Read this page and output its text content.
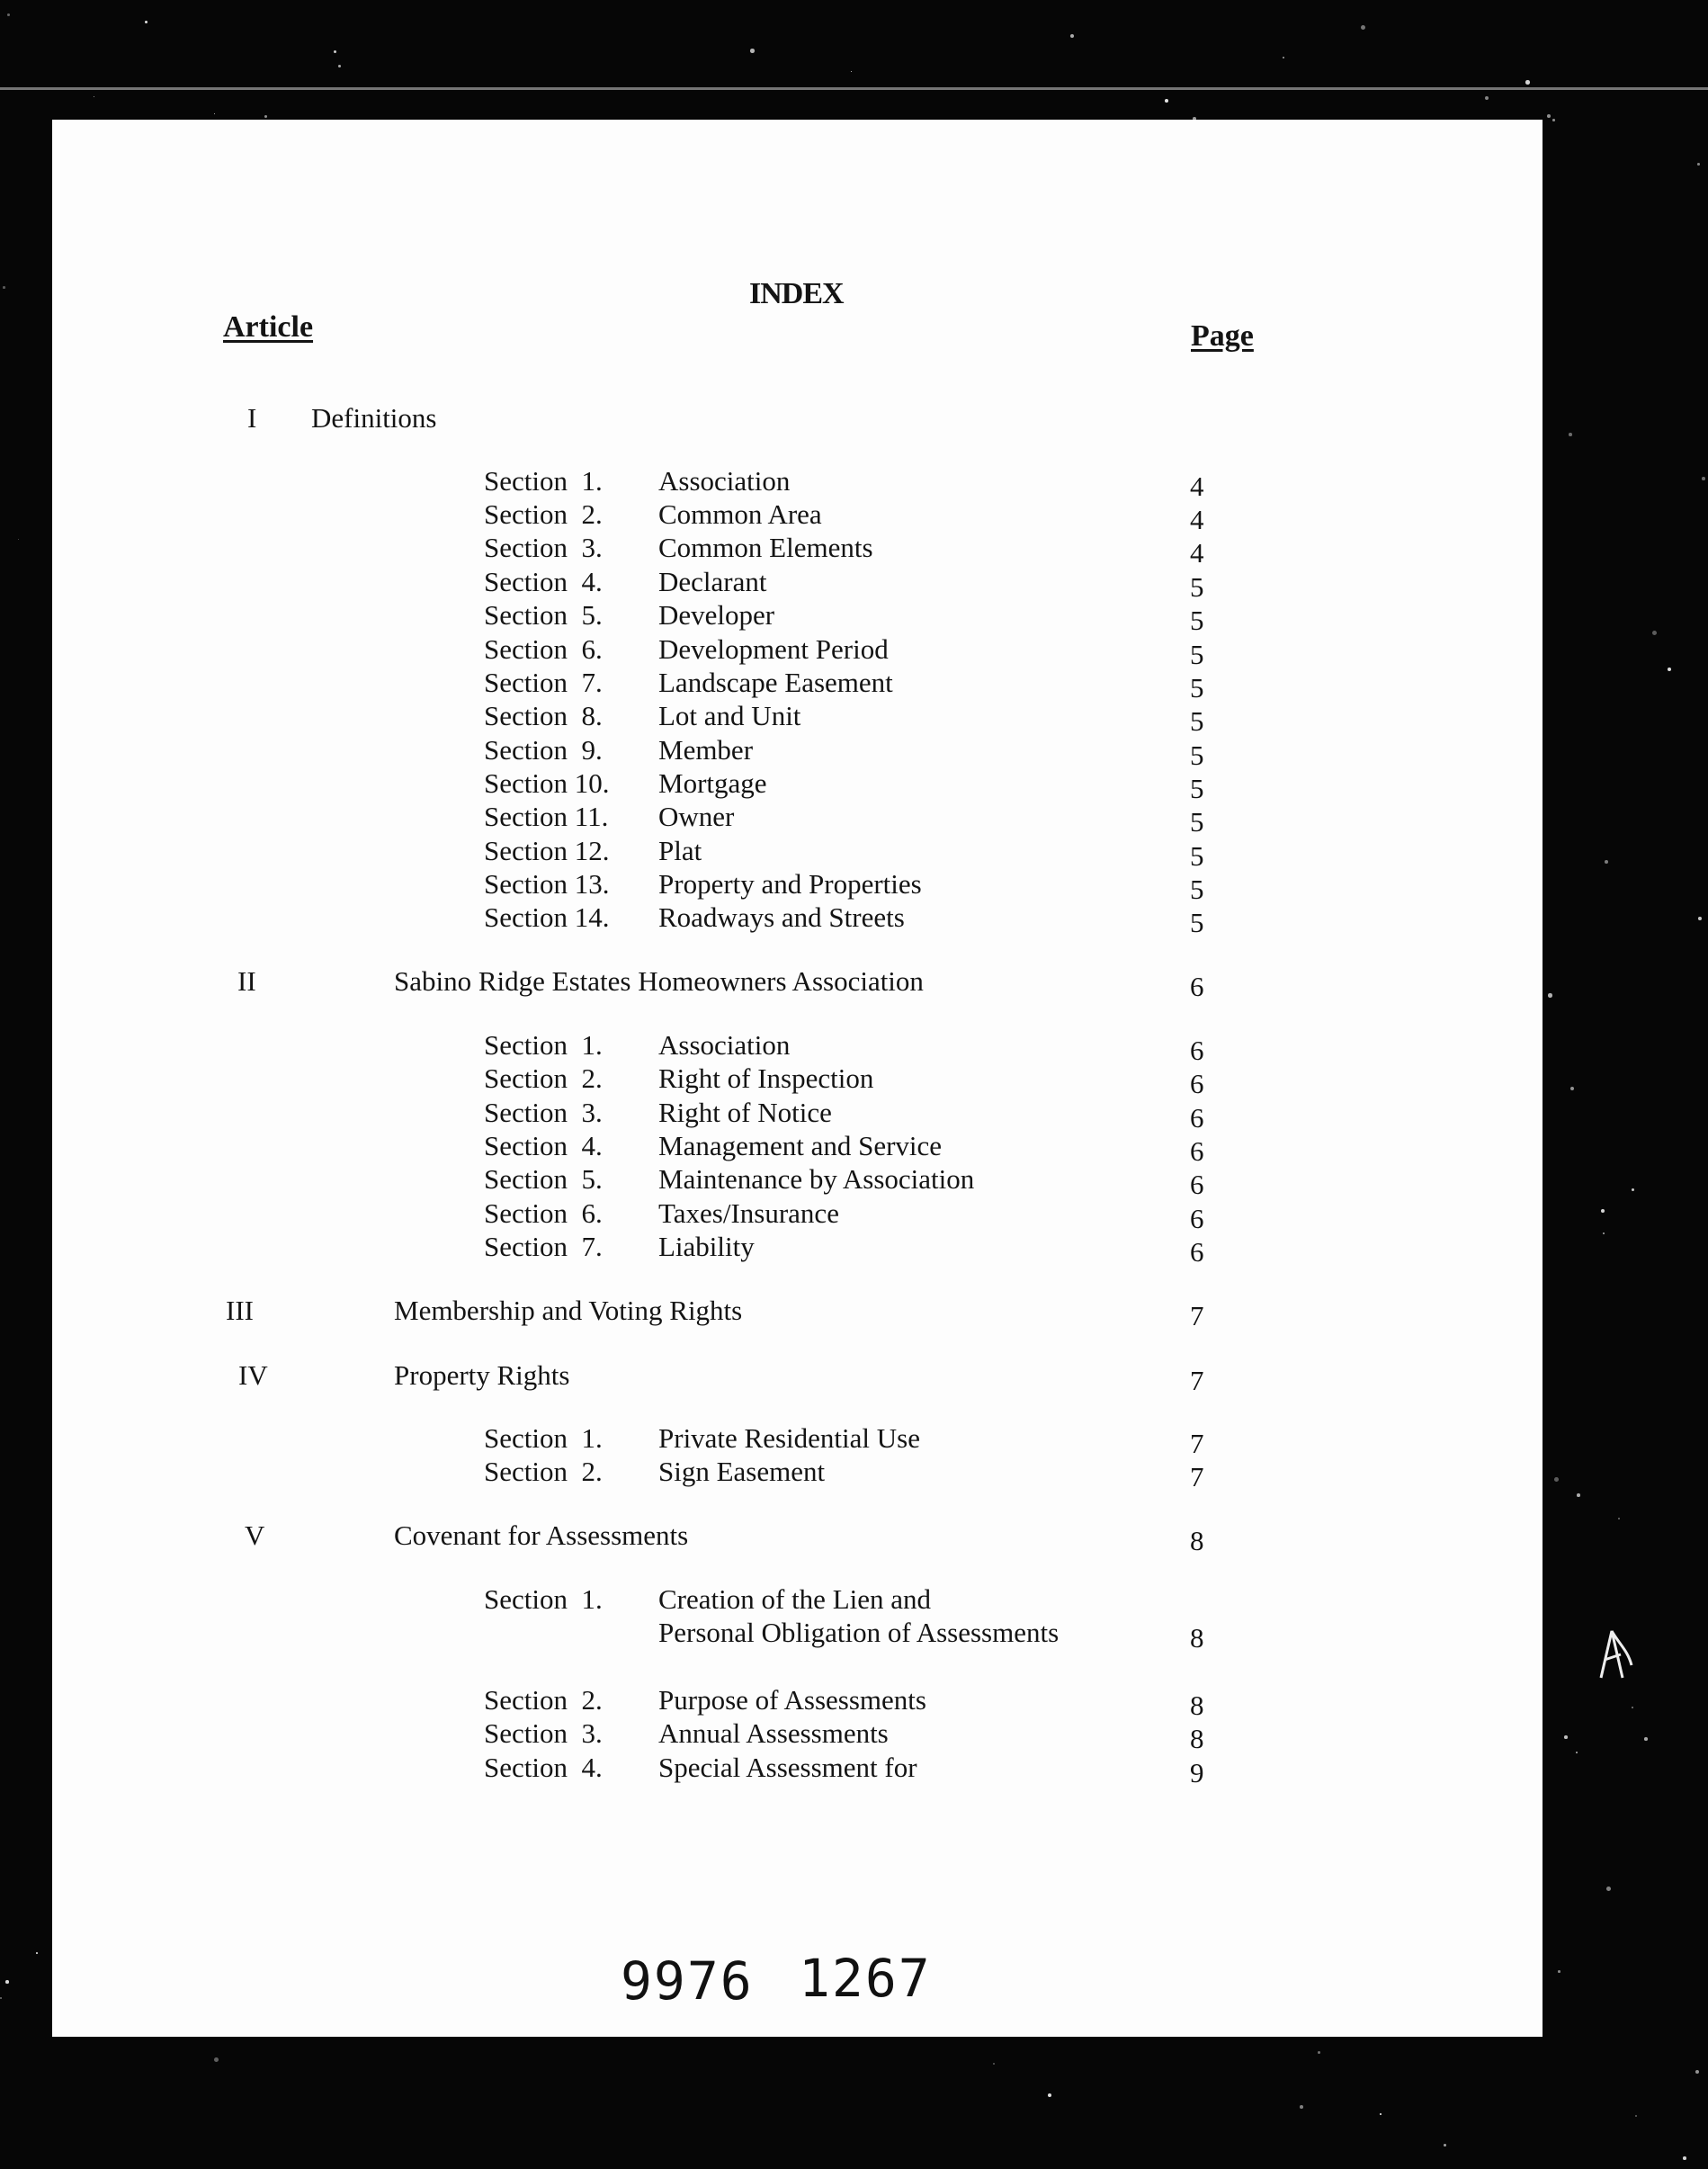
INDEX
Article	Page
I Definitions
Section  1. Association	4
Section  2. Common Area	4
Section  3. Common Elements	4
Section  4. Declarant	5
Section  5. Developer	5
Section  6. Development Period	5
Section  7. Landscape Easement	5
Section  8. Lot and Unit	5
Section  9. Member	5
Section 10. Mortgage	5
Section 11. Owner	5
Section 12. Plat	5
Section 13. Property and Properties	5
Section 14. Roadways and Streets	5
II	Sabino Ridge Estates Homeowners Association	6
Section  1. Association	6
Section  2. Right of Inspection	6
Section  3. Right of Notice	6
Section  4. Management and Service	6
Section  5. Maintenance by Association	6
Section  6. Taxes/Insurance	6
Section  7. Liability	6
III	Membership and Voting Rights	7
IV	Property Rights	7
Section  1. Private Residential Use	7
Section  2. Sign Easement	7
V	Covenant for Assessments	8
Section  1. Creation of the Lien and
Personal Obligation of Assessments	8
Section  2. Purpose of Assessments	8
Section  3. Annual Assessments	8
Section  4. Special Assessment for	9
9976 1267
